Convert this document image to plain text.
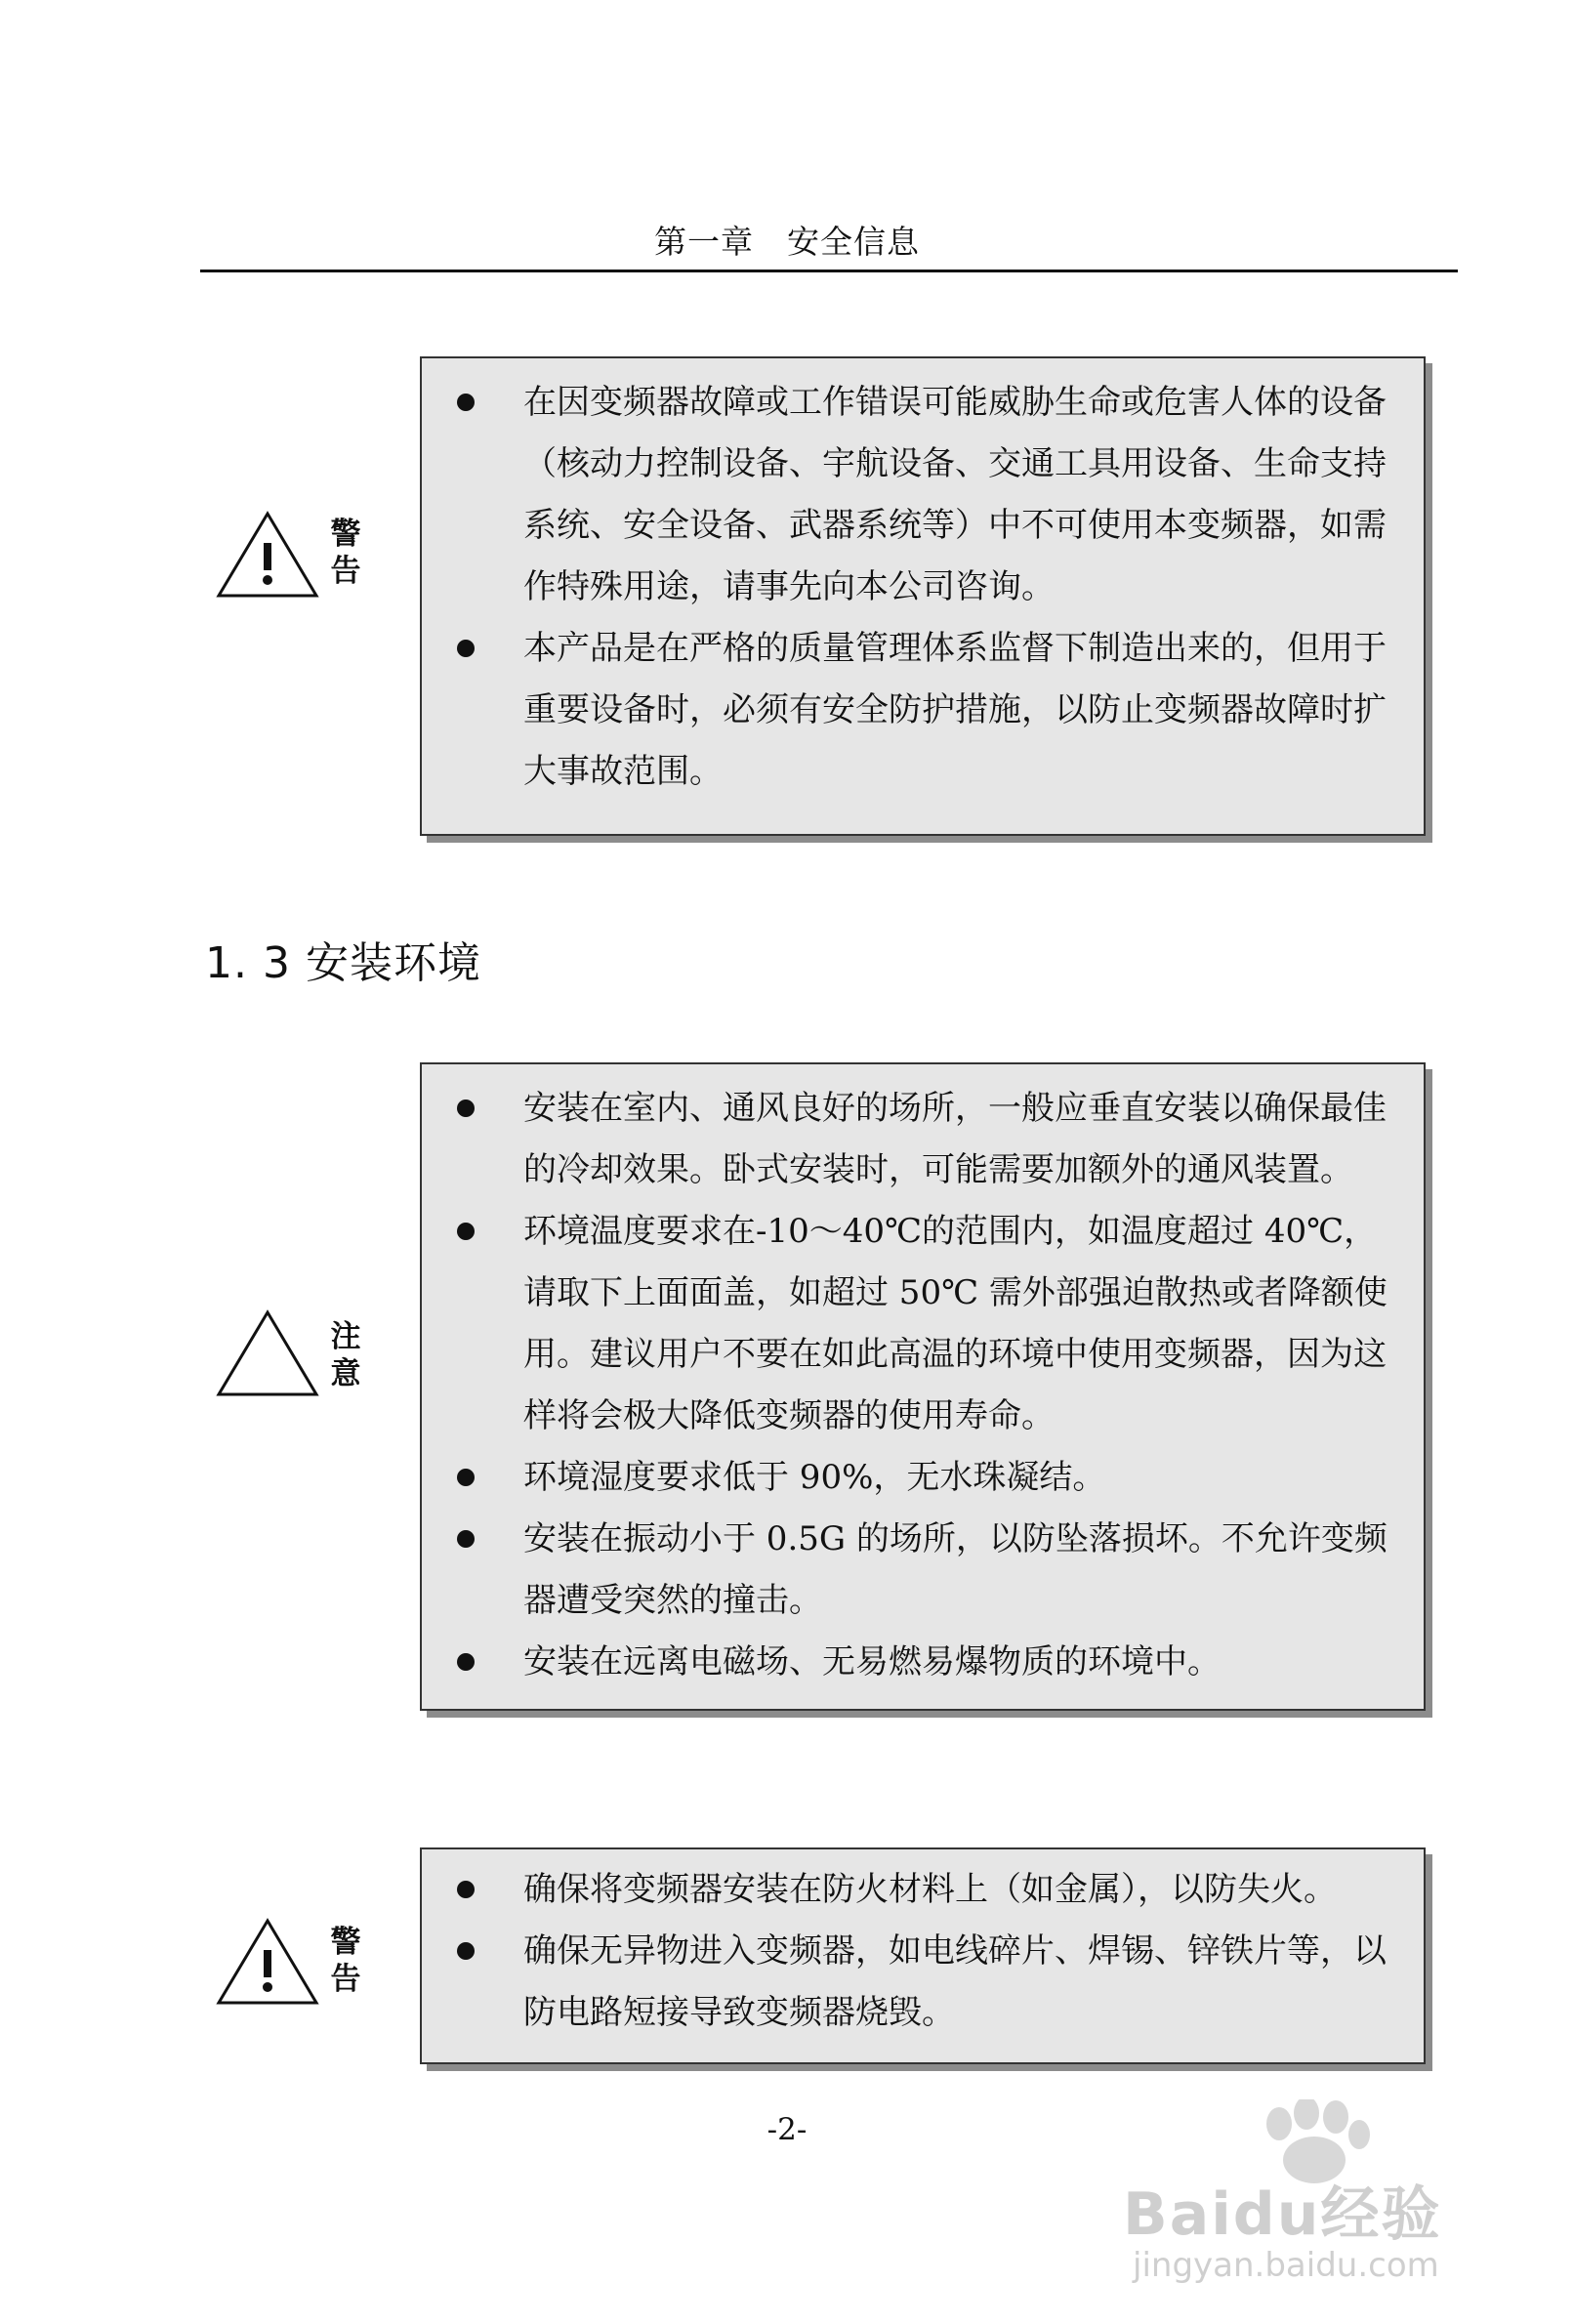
第一章　安全信息
警告
在因变频器故障或工作错误可能威胁生命或危害人体的设备（核动力控制设备、宇航设备、交通工具用设备、生命支持系统、安全设备、武器系统等）中不可使用本变频器，如需作特殊用途，请事先向本公司咨询。
本产品是在严格的质量管理体系监督下制造出来的，但用于重要设备时，必须有安全防护措施，以防止变频器故障时扩大事故范围。
1. 3 安装环境
注意
安装在室内、通风良好的场所，一般应垂直安装以确保最佳的冷却效果。卧式安装时，可能需要加额外的通风装置。
环境温度要求在-10～40℃的范围内，如温度超过 40℃，请取下上面面盖，如超过 50℃ 需外部强迫散热或者降额使用。建议用户不要在如此高温的环境中使用变频器，因为这样将会极大降低变频器的使用寿命。
环境湿度要求低于 90%，无水珠凝结。
安装在振动小于 0.5G 的场所，以防坠落损坏。不允许变频器遭受突然的撞击。
安装在远离电磁场、无易燃易爆物质的环境中。
警告
确保将变频器安装在防火材料上（如金属），以防失火。
确保无异物进入变频器，如电线碎片、焊锡、锌铁片等，以防电路短接导致变频器烧毁。
-2-
Baidu经验
jingyan.baidu.com
